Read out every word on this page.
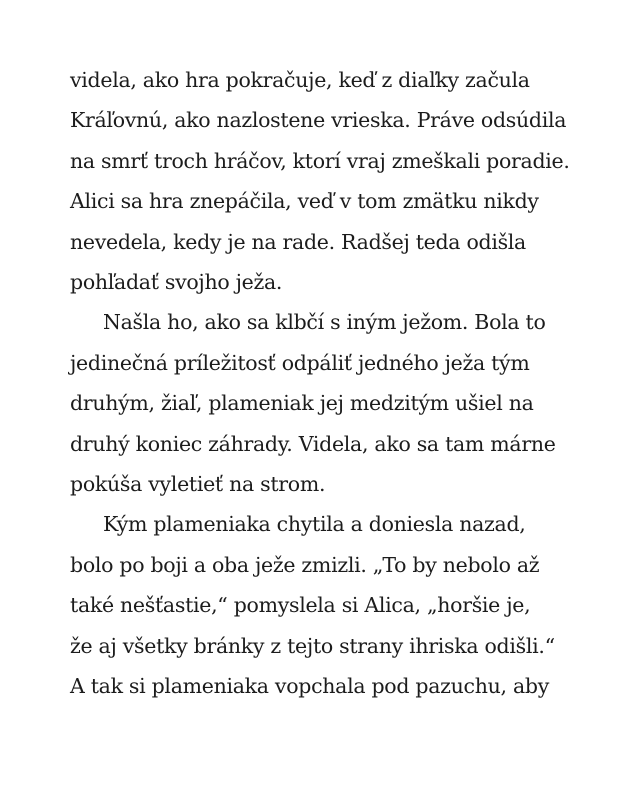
videla, ako hra pokračuje, keď z diaľky začula
Kráľovnú, ako nazlostene vrieska. Práve odsúdila
na smrť troch hráčov, ktorí vraj zmeškali poradie.
Alici sa hra znepáčila, veď v tom zmätku nikdy
nevedela, kedy je na rade. Radšej teda odišla
pohľadať svojho ježa.
Našla ho, ako sa klbčí s iným ježom. Bola to
jedinečná príležitosť odpáliť jedného ježa tým
druhým, žiaľ, plameniak jej medzitým ušiel na
druhý koniec záhrady. Videla, ako sa tam márne
pokúša vyletieť na strom.
Kým plameniaka chytila a doniesla nazad,
bolo po boji a oba ježe zmizli. „To by nebolo až
také nešťastie,“ pomyslela si Alica, „horšie je,
že aj všetky bránky z tejto strany ihriska odišli.“
A tak si plameniaka vopchala pod pazuchu, aby
